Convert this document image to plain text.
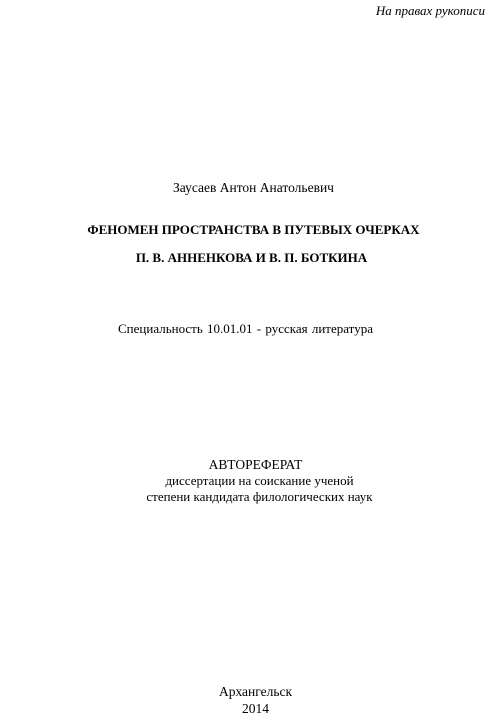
На правах рукописи
Заусаев Антон Анатольевич
ФЕНОМЕН ПРОСТРАНСТВА В ПУТЕВЫХ ОЧЕРКАХ
П. В. АННЕНКОВА И В. П. БОТКИНА
Специальность 10.01.01 - русская литература
АВТОРЕФЕРАТ
диссертации на соискание ученой
степени кандидата филологических наук
Архангельск
2014
